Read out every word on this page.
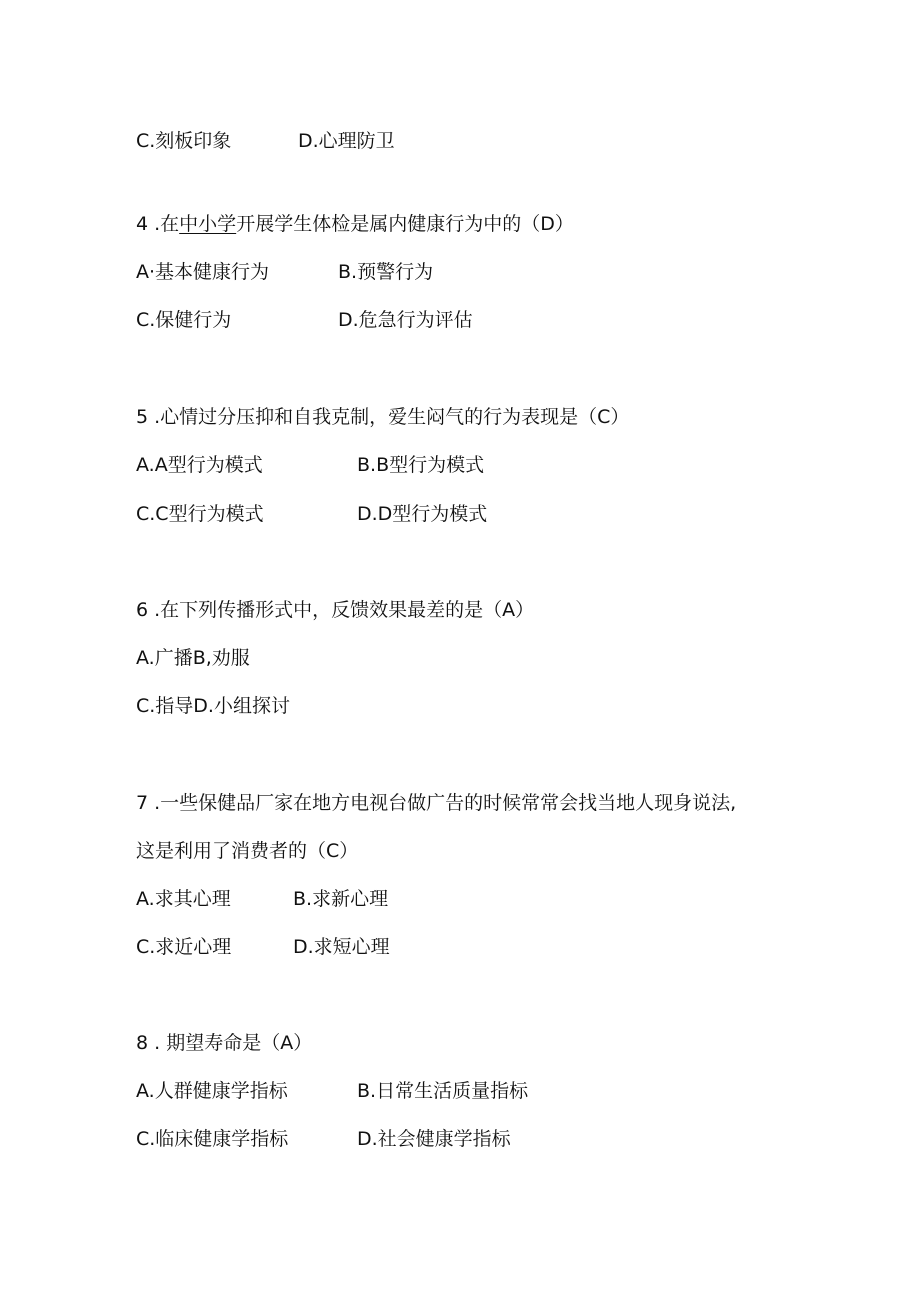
C.刻板印象	D.心理防卫
4 .在中小学开展学生体检是属内健康行为中的（D）
A·基本健康行为	B.预警行为
C.保健行为	D.危急行为评估
5 .心情过分压抑和自我克制，爱生闷气的行为表现是（C）
A.A型行为模式	B.B型行为模式
C.C型行为模式	D.D型行为模式
6 .在下列传播形式中，反馈效果最差的是（A）
A.广播B,劝服
C.指导D.小组探讨
7 .一些保健品厂家在地方电视台做广告的时候常常会找当地人现身说法,
这是利用了消费者的（C）
A.求其心理	B.求新心理
C.求近心理	D.求短心理
8 . 期望寿命是（A）
A.人群健康学指标	B.日常生活质量指标
C.临床健康学指标	D.社会健康学指标
